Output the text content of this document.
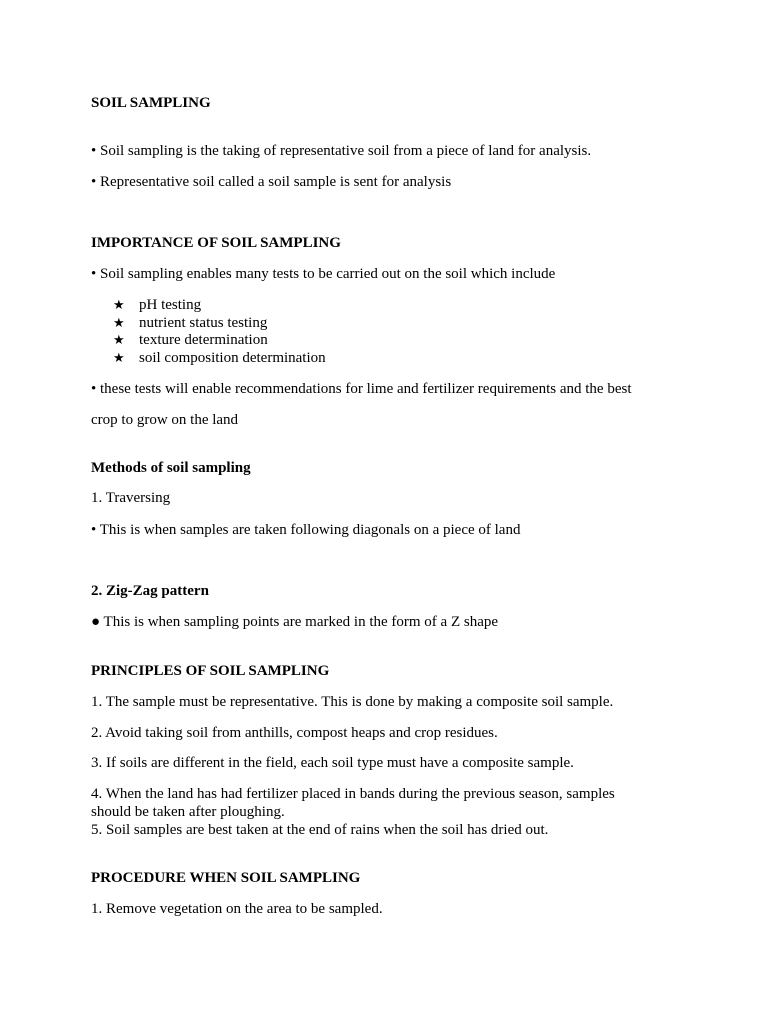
SOIL SAMPLING

• Soil sampling is the taking of representative soil from a piece of land for analysis.

• Representative soil called a soil sample is sent for analysis

IMPORTANCE OF SOIL SAMPLING

• Soil sampling enables many tests to be carried out on the soil which include

★ pH testing
★ nutrient status testing
★ texture determination
★ soil composition determination

• these tests will enable recommendations for lime and fertilizer requirements and the best

crop to grow on the land

Methods of soil sampling

1. Traversing

• This is when samples are taken following diagonals on a piece of land

2. Zig-Zag pattern

● This is when sampling points are marked in the form of a Z shape

PRINCIPLES OF SOIL SAMPLING

1. The sample must be representative. This is done by making a composite soil sample.

2. Avoid taking soil from anthills, compost heaps and crop residues.

3. If soils are different in the field, each soil type must have a composite sample.

4. When the land has had fertilizer placed in bands during the previous season, samples should be taken after ploughing.

5. Soil samples are best taken at the end of rains when the soil has dried out.

PROCEDURE WHEN SOIL SAMPLING

1. Remove vegetation on the area to be sampled.
